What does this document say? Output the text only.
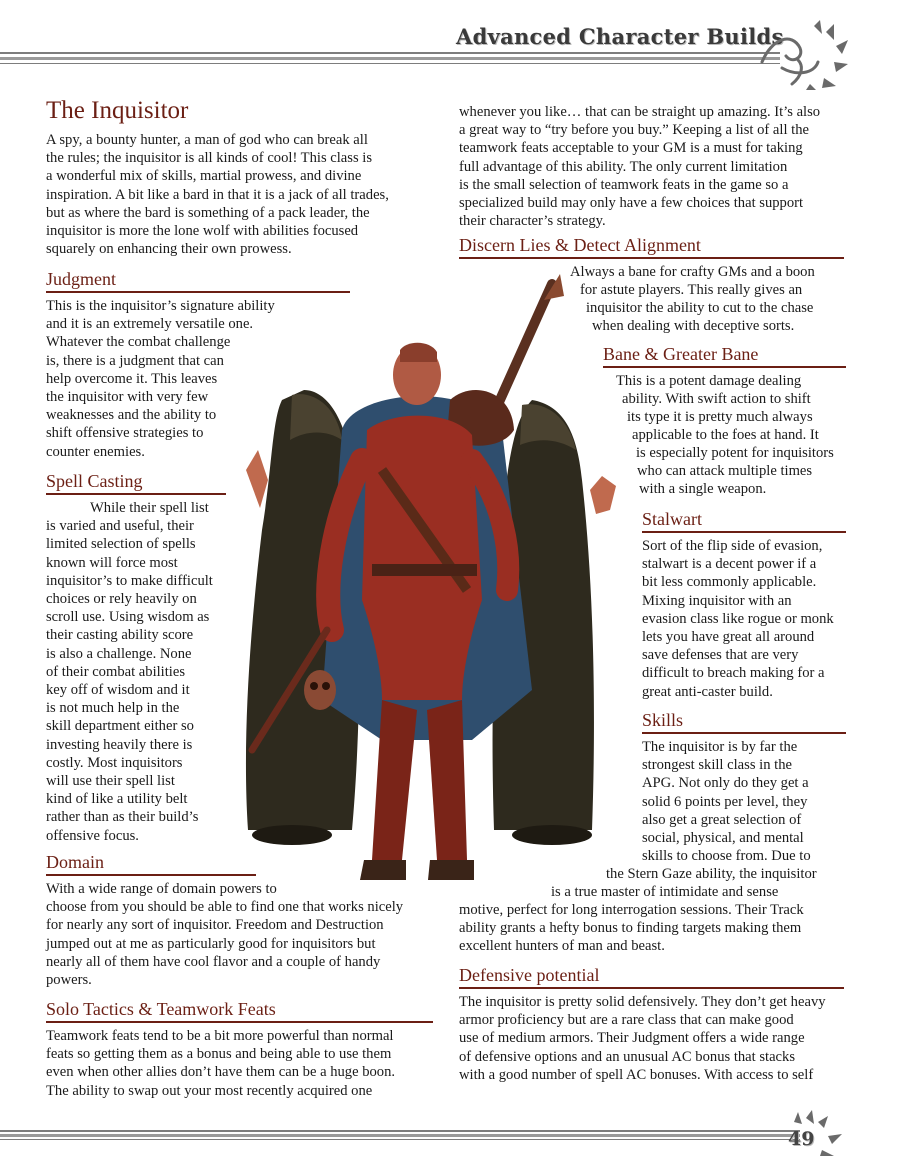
Advanced Character Builds
The Inquisitor

A spy, a bounty hunter, a man of god who can break all

the rules; the inquisitor is all kinds of cool! This class is

a wonderful mix of skills, martial prowess, and divine

inspiration. A bit like a bard in that it is a jack of all trades,

but as where the bard is something of a pack leader, the

inquisitor is more the lone wolf with abilities focused

squarely on enhancing their own prowess.

Judgment

This is the inquisitor’s signature ability

and it is an extremely versatile one.

Whatever the combat challenge

is, there is a judgment that can

help overcome it. This leaves

the inquisitor with very few

weaknesses and the ability to

shift offensive strategies to

counter enemies.

Spell Casting

While their spell list

is varied and useful, their

limited selection of spells

known will force most

inquisitor’s to make difficult

choices or rely heavily on

scroll use. Using wisdom as

their casting ability score

is also a challenge. None

of their combat abilities

key off of wisdom and it

is not much help in the

skill department either so

investing heavily there is

costly. Most inquisitors

will use their spell list

kind of like a utility belt

rather than as their build’s

offensive focus.

Domain

With a wide range of domain powers to

choose from you should be able to find one that works nicely

for nearly any sort of inquisitor. Freedom and Destruction

jumped out at me as particularly good for inquisitors but

nearly all of them have cool flavor and a couple of handy

powers.

Solo Tactics & Teamwork Feats

Teamwork feats tend to be a bit more powerful than normal

feats so getting them as a bonus and being able to use them

even when other allies don’t have them can be a huge boon.

The ability to swap out your most recently acquired one

whenever you like… that can be straight up amazing. It’s also

a great way to “try before you buy.” Keeping a list of all the

teamwork feats acceptable to your GM is a must for taking

full advantage of this ability. The only current limitation

is the small selection of teamwork feats in the game so a

specialized build may only have a few choices that support

their character’s strategy.

Discern Lies & Detect Alignment
Always a bane for crafty GMs and a boon
for astute players. This really gives an
inquisitor the ability to cut to the chase
when dealing with deceptive sorts.
Bane & Greater Bane
This is a potent damage dealing
ability. With swift action to shift
its type it is pretty much always
applicable to the foes at hand. It
is especially potent for inquisitors
who can attack multiple times
with a single weapon.
Stalwart

Sort of the flip side of evasion,

stalwart is a decent power if a

bit less commonly applicable.

Mixing inquisitor with an

evasion class like rogue or monk

lets you have great all around

save defenses that are very

difficult to breach making for a

great anti-caster build.

Skills

The inquisitor is by far the

strongest skill class in the

APG. Not only do they get a

solid 6 points per level, they

also get a great selection of

social, physical, and mental

skills to choose from. Due to

the Stern Gaze ability, the inquisitor
is a true master of intimidate and sense
motive, perfect for long interrogation sessions. Their Track
ability grants a hefty bonus to finding targets making them
excellent hunters of man and beast.
Defensive potential

The inquisitor is pretty solid defensively. They don’t get heavy

armor proficiency but are a rare class that can make good

use of medium armors. Their Judgment offers a wide range

of defensive options and an unusual AC bonus that stacks

with a good number of spell AC bonuses. With access to self

49
